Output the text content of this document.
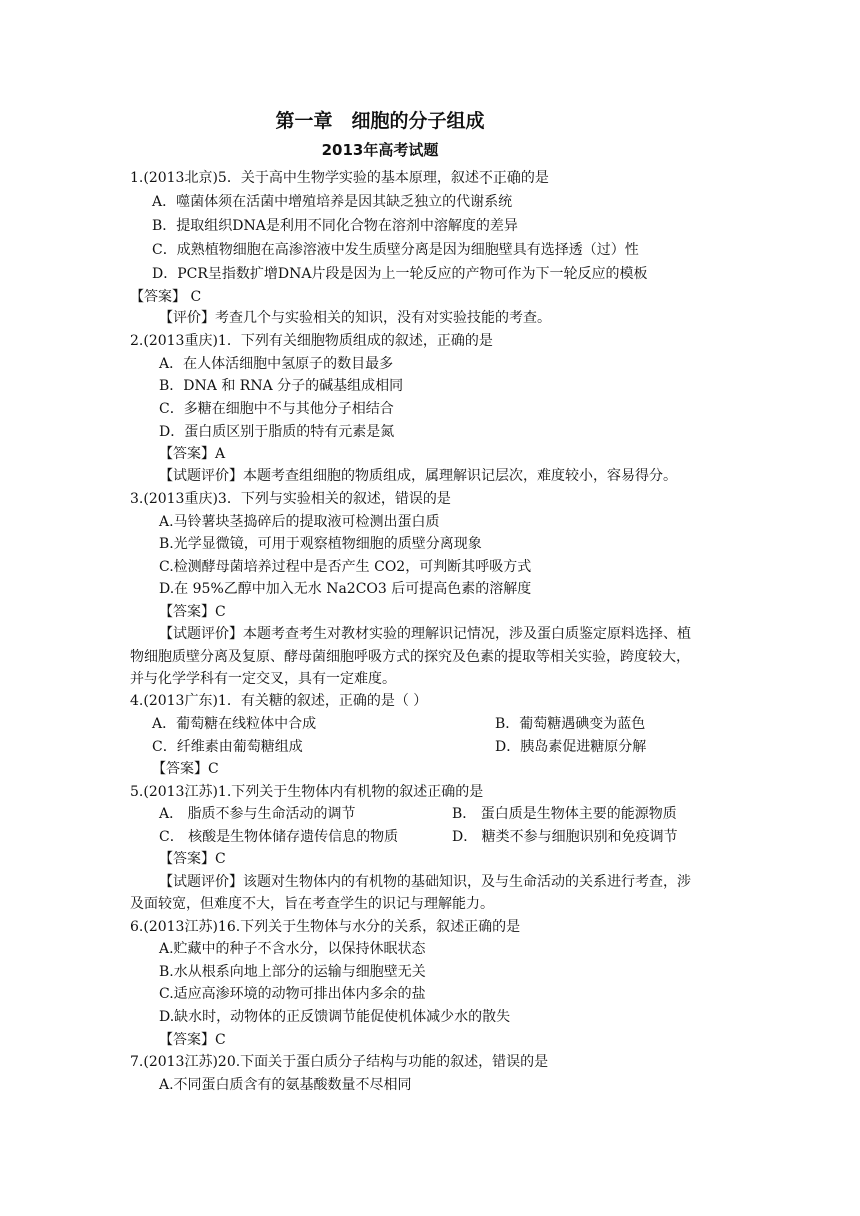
第一章　细胞的分子组成
2013年高考试题
1.(2013北京)5．关于高中生物学实验的基本原理，叙述不正确的是
A．噬菌体须在活菌中增殖培养是因其缺乏独立的代谢系统
B．提取组织DNA是利用不同化合物在溶剂中溶解度的差异
C．成熟植物细胞在高渗溶液中发生质壁分离是因为细胞壁具有选择透（过）性
D．PCR呈指数扩增DNA片段是因为上一轮反应的产物可作为下一轮反应的模板
【答案】 C
【评价】考查几个与实验相关的知识，没有对实验技能的考查。
2.(2013重庆)1．下列有关细胞物质组成的叙述，正确的是
A．在人体活细胞中氢原子的数目最多
B．DNA 和 RNA 分子的碱基组成相同
C．多糖在细胞中不与其他分子相结合
D．蛋白质区别于脂质的特有元素是氮
【答案】A
【试题评价】本题考查组细胞的物质组成，属理解识记层次，难度较小，容易得分。
3.(2013重庆)3．下列与实验相关的叙述，错误的是
A.马铃薯块茎捣碎后的提取液可检测出蛋白质
B.光学显微镜，可用于观察植物细胞的质壁分离现象
C.检测酵母菌培养过程中是否产生 CO2，可判断其呼吸方式
D.在 95%乙醇中加入无水 Na2CO3 后可提高色素的溶解度
【答案】C
【试题评价】本题考查考生对教材实验的理解识记情况，涉及蛋白质鉴定原料选择、植
物细胞质壁分离及复原、酵母菌细胞呼吸方式的探究及色素的提取等相关实验，跨度较大，
并与化学学科有一定交叉，具有一定难度。
4.(2013广东)1．有关糖的叙述，正确的是（ ）
A．葡萄糖在线粒体中合成	B．葡萄糖遇碘变为蓝色
C．纤维素由葡萄糖组成	D．胰岛素促进糖原分解
【答案】C
5.(2013江苏)1.下列关于生物体内有机物的叙述正确的是
A． 脂质不参与生命活动的调节	B． 蛋白质是生物体主要的能源物质
C． 核酸是生物体储存遗传信息的物质	D． 糖类不参与细胞识别和免疫调节
【答案】C
【试题评价】该题对生物体内的有机物的基础知识，及与生命活动的关系进行考查，涉
及面较宽，但难度不大，旨在考查学生的识记与理解能力。
6.(2013江苏)16.下列关于生物体与水分的关系，叙述正确的是
A.贮藏中的种子不含水分，以保持休眠状态
B.水从根系向地上部分的运输与细胞壁无关
C.适应高渗环境的动物可排出体内多余的盐
D.缺水时，动物体的正反馈调节能促使机体减少水的散失
【答案】C
7.(2013江苏)20.下面关于蛋白质分子结构与功能的叙述，错误的是
A.不同蛋白质含有的氨基酸数量不尽相同
